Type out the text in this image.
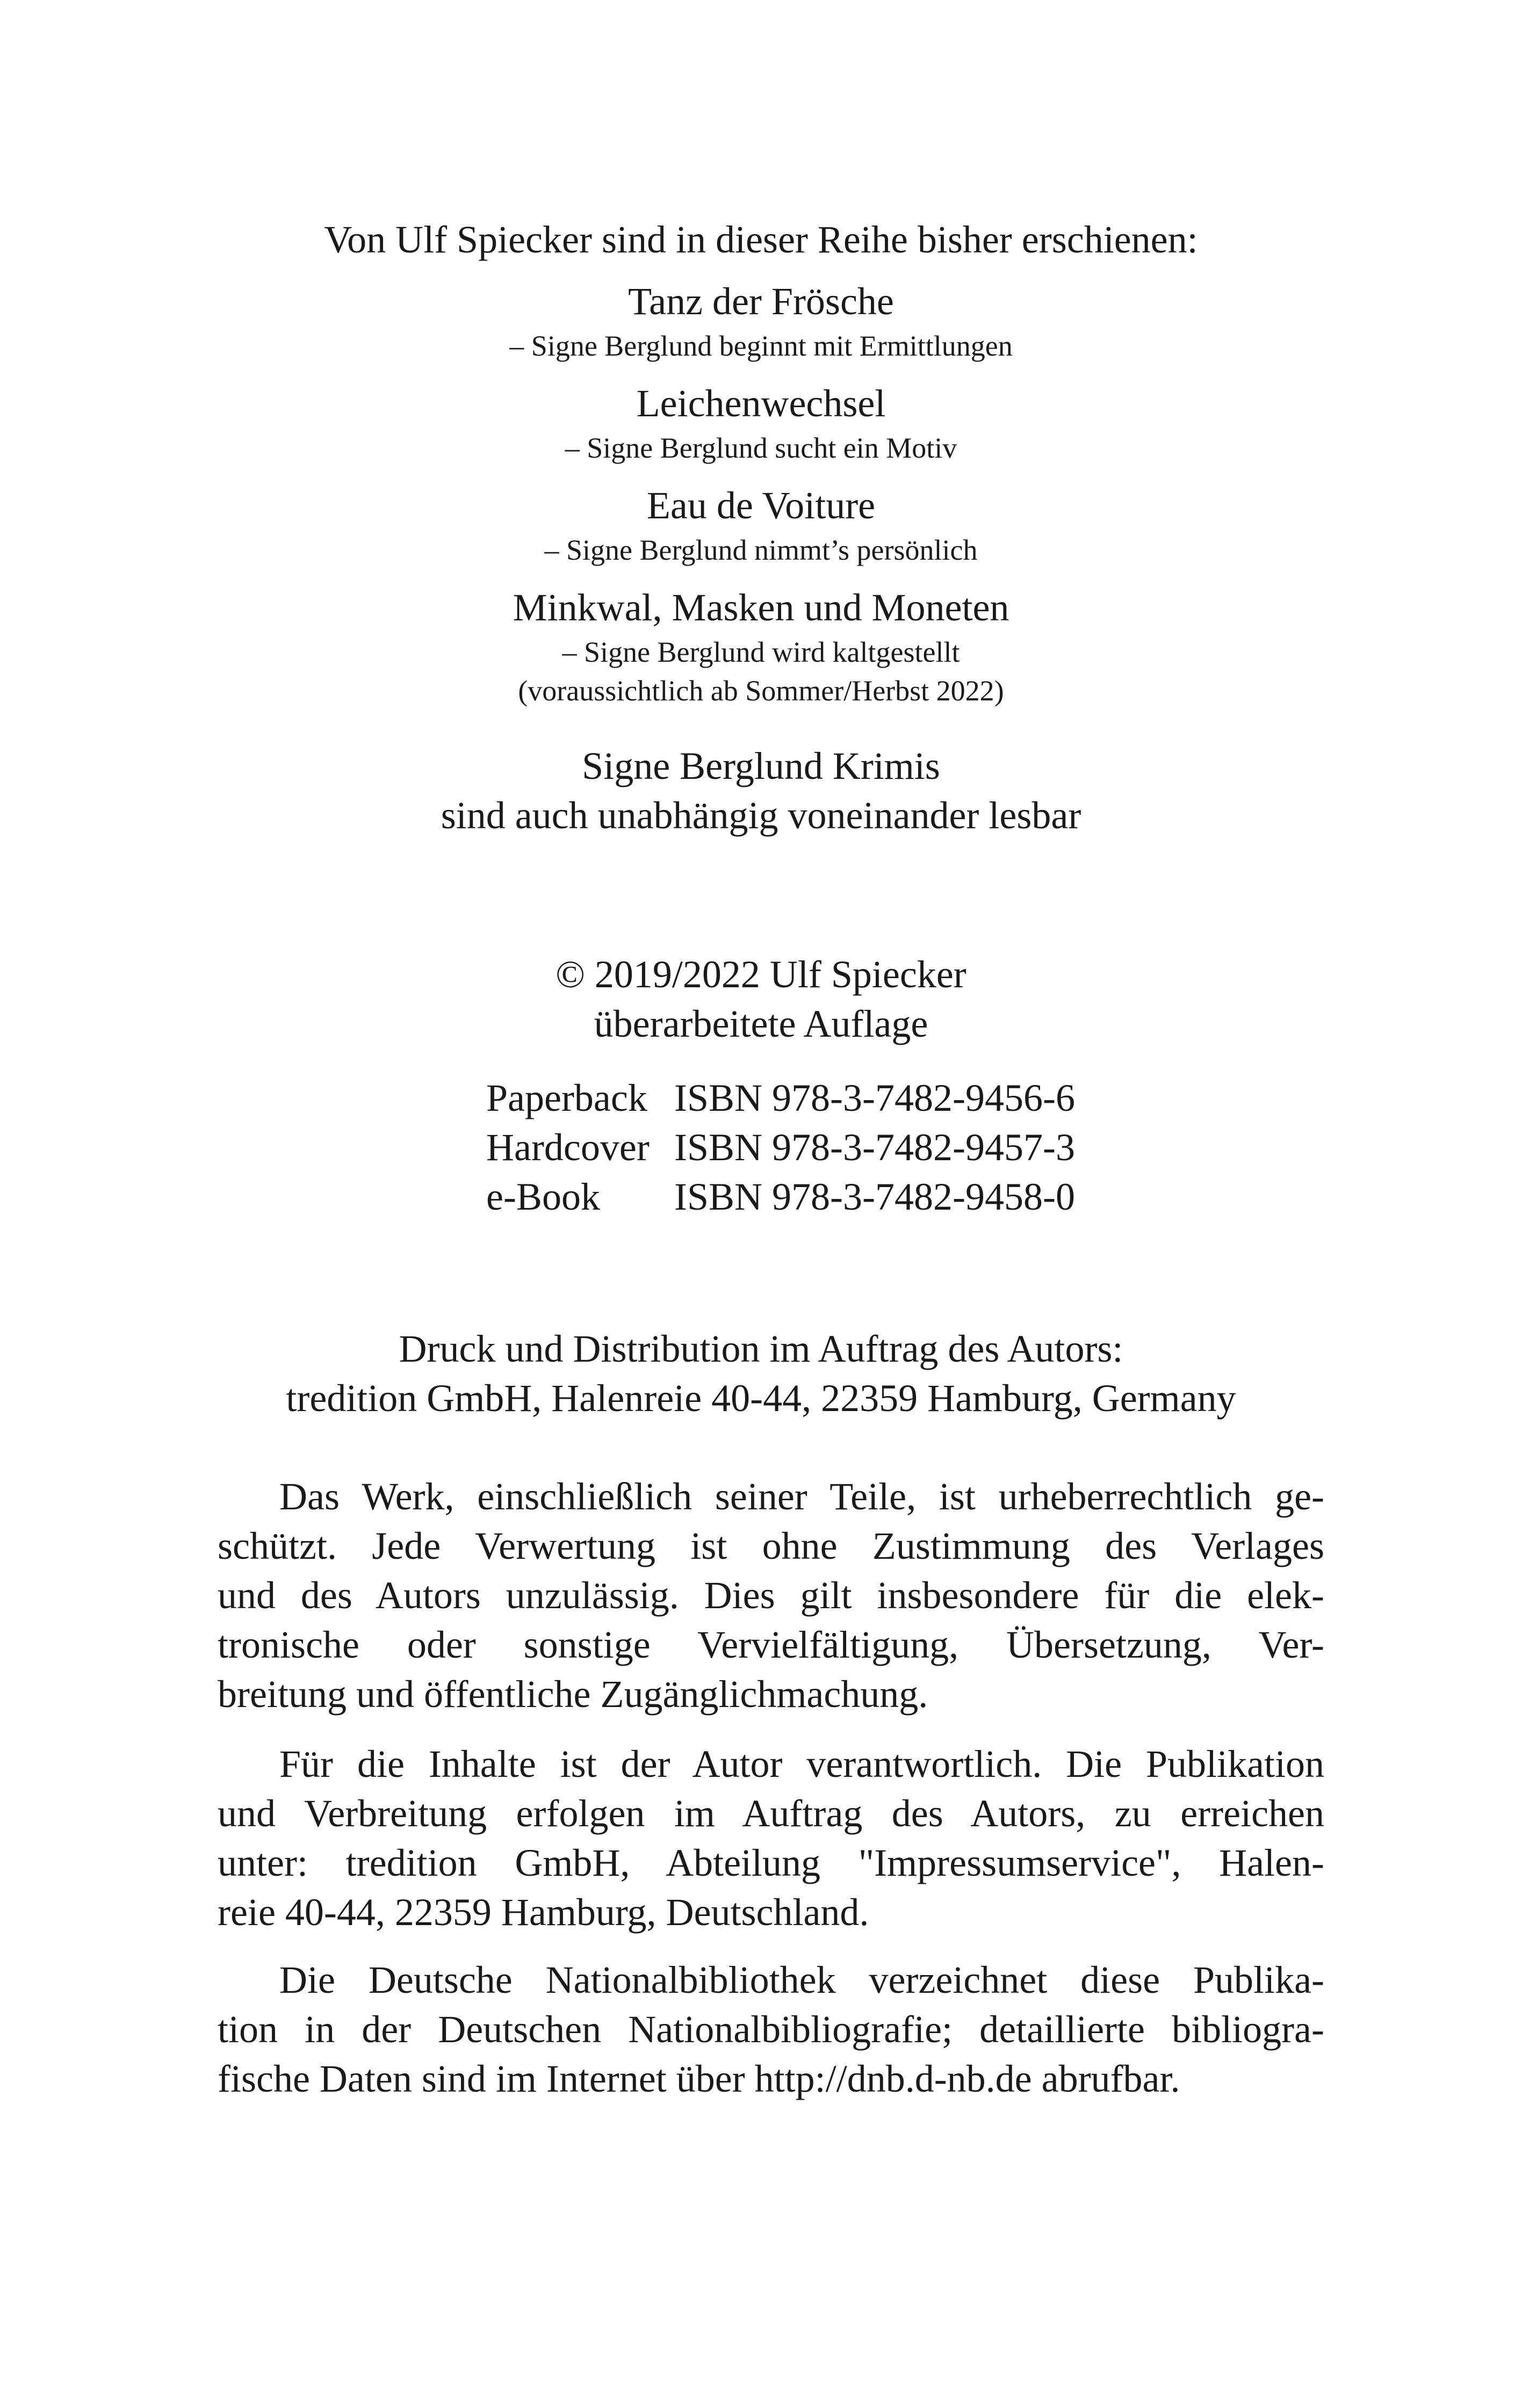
Von Ulf Spiecker sind in dieser Reihe bisher erschienen:
Tanz der Frösche
– Signe Berglund beginnt mit Ermittlungen
Leichenwechsel
– Signe Berglund sucht ein Motiv
Eau de Voiture
– Signe Berglund nimmt’s persönlich
Minkwal, Masken und Moneten
– Signe Berglund wird kaltgestellt
(voraussichtlich ab Sommer/Herbst 2022)
Signe Berglund Krimis
sind auch unabhängig voneinander lesbar
© 2019/2022 Ulf Spiecker
überarbeitete Auflage
Paperback ISBN 978-3-7482-9456-6
Hardcover ISBN 978-3-7482-9457-3
e-Book	ISBN 978-3-7482-9458-0
Druck und Distribution im Auftrag des Autors:
tredition GmbH, Halenreie 40-44, 22359 Hamburg, Germany
Das Werk, einschließlich seiner Teile, ist urheberrechtlich ge-
schützt. Jede Verwertung ist ohne Zustimmung des Verlages
und des Autors unzulässig. Dies gilt insbesondere für die elek-
tronische oder sonstige Vervielfältigung, Übersetzung, Ver-
breitung und öffentliche Zugänglichmachung.
Für die Inhalte ist der Autor verantwortlich. Die Publikation
und Verbreitung erfolgen im Auftrag des Autors, zu erreichen
unter: tredition GmbH, Abteilung "Impressumservice", Halen-
reie 40-44, 22359 Hamburg, Deutschland.
Die Deutsche Nationalbibliothek verzeichnet diese Publika-
tion in der Deutschen Nationalbibliografie; detaillierte bibliogra-
fische Daten sind im Internet über http://dnb.d-nb.de abrufbar.
